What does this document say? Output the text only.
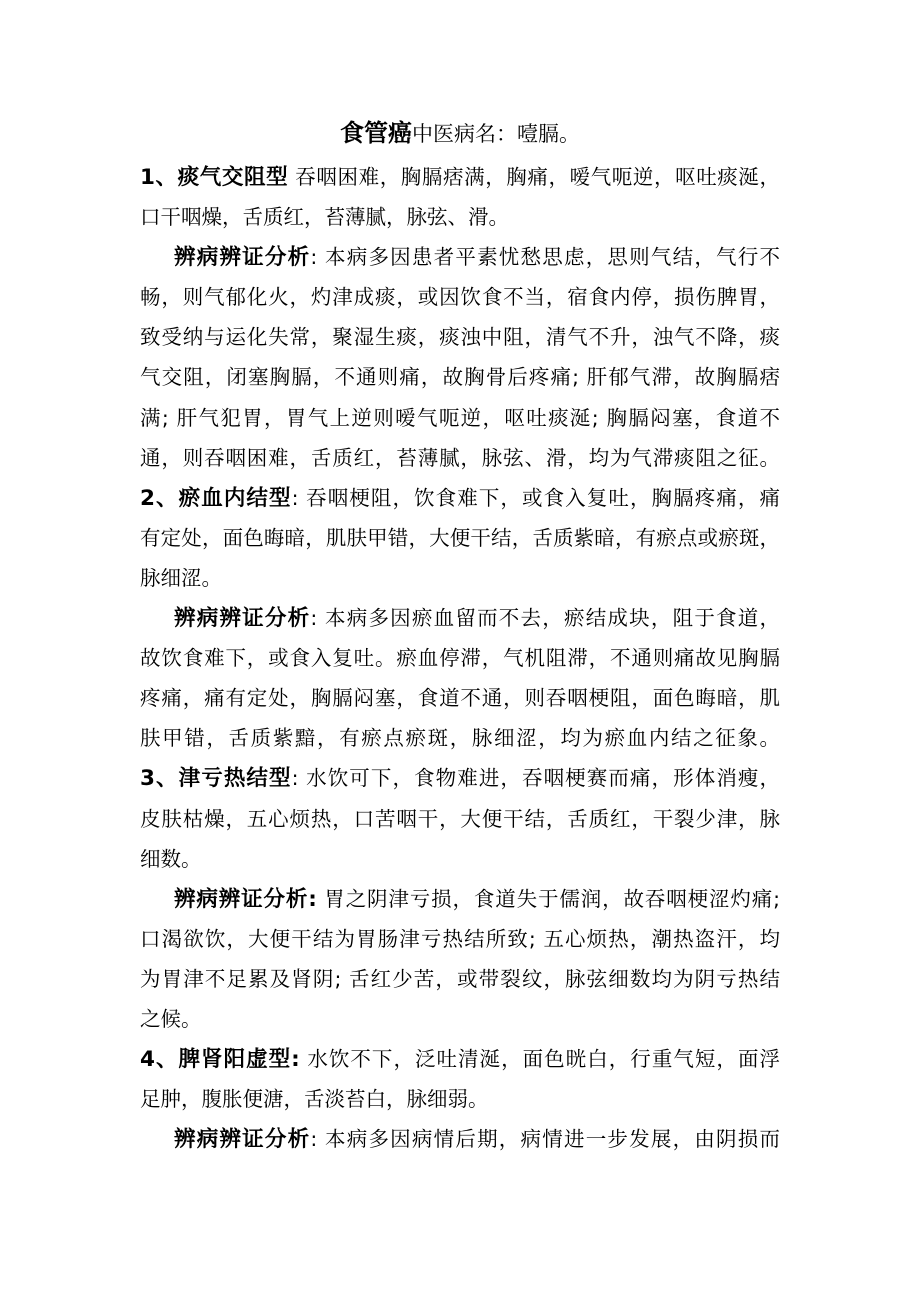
食管癌中医病名：噎膈。
1、痰气交阻型 吞咽困难，胸膈痞满，胸痛，嗳气呃逆，呕吐痰涎，
口干咽燥，舌质红，苔薄腻，脉弦、滑。
辨病辨证分析: 本病多因患者平素忧愁思虑，思则气结，气行不
畅，则气郁化火，灼津成痰，或因饮食不当，宿食内停，损伤脾胃，
致受纳与运化失常，聚湿生痰，痰浊中阻，清气不升，浊气不降，痰
气交阻，闭塞胸膈，不通则痛，故胸骨后疼痛; 肝郁气滞，故胸膈痞
满; 肝气犯胃，胃气上逆则嗳气呃逆，呕吐痰涎; 胸膈闷塞，食道不
通，则吞咽困难，舌质红，苔薄腻，脉弦、滑，均为气滞痰阻之征。
2、瘀血内结型: 吞咽梗阻，饮食难下，或食入复吐，胸膈疼痛，痛
有定处，面色晦暗，肌肤甲错，大便干结，舌质紫暗，有瘀点或瘀斑，
脉细涩。
辨病辨证分析: 本病多因瘀血留而不去，瘀结成块，阻于食道，
故饮食难下，或食入复吐。瘀血停滞，气机阻滞，不通则痛故见胸膈
疼痛，痛有定处，胸膈闷塞，食道不通，则吞咽梗阻，面色晦暗，肌
肤甲错，舌质紫黯，有瘀点瘀斑，脉细涩，均为瘀血内结之征象。
3、津亏热结型: 水饮可下，食物难进，吞咽梗赛而痛，形体消瘦，
皮肤枯燥，五心烦热，口苦咽干，大便干结，舌质红，干裂少津，脉
细数。
辨病辨证分析: 胃之阴津亏损，食道失于儒润，故吞咽梗涩灼痛;
口渴欲饮，大便干结为胃肠津亏热结所致; 五心烦热，潮热盗汗，均
为胃津不足累及肾阴; 舌红少苦，或带裂纹，脉弦细数均为阴亏热结
之候。
4、脾肾阳虚型: 水饮不下，泛吐清涎，面色晄白，行重气短，面浮
足肿，腹胀便溏，舌淡苔白，脉细弱。
辨病辨证分析: 本病多因病情后期，病情进一步发展，由阴损而
